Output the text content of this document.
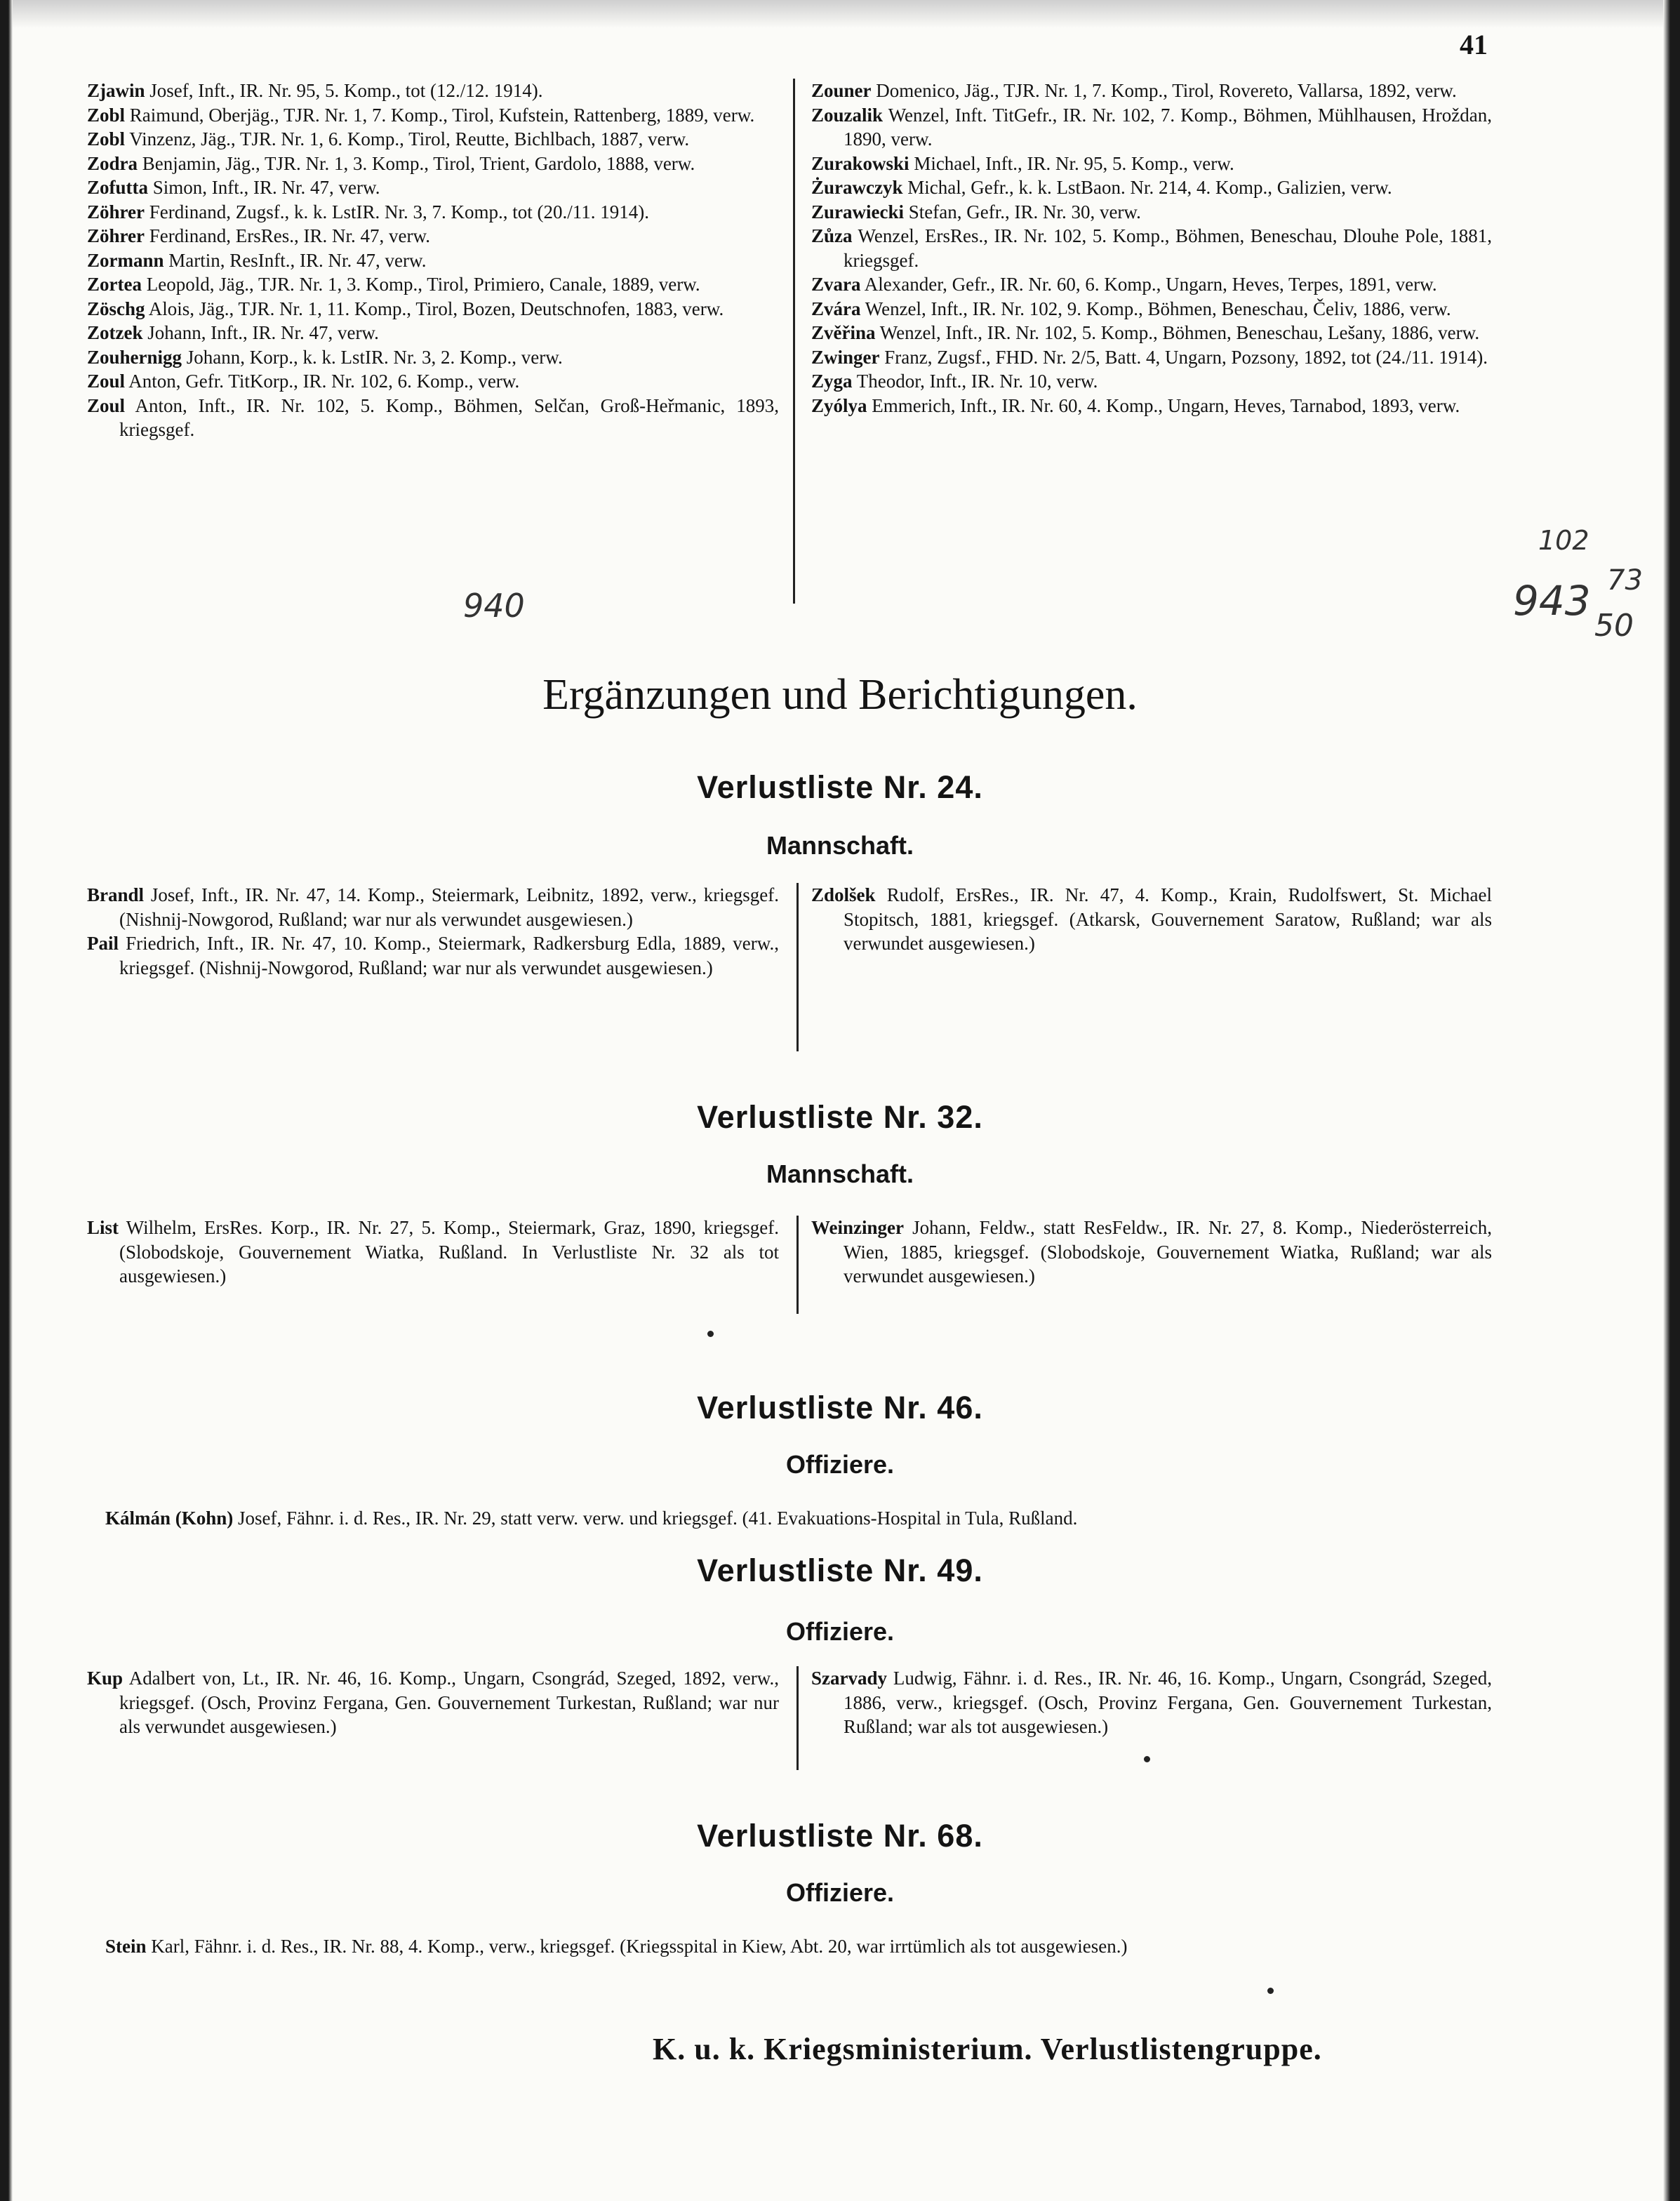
41

Zjawin Josef, Inft., IR. Nr. 95, 5. Komp., tot (12./12. 1914).

Zobl Raimund, Oberjäg., TJR. Nr. 1, 7. Komp., Tirol, Kufstein, Rattenberg, 1889, verw.

Zobl Vinzenz, Jäg., TJR. Nr. 1, 6. Komp., Tirol, Reutte, Bichlbach, 1887, verw.

Zodra Benjamin, Jäg., TJR. Nr. 1, 3. Komp., Tirol, Trient, Gardolo, 1888, verw.

Zofutta Simon, Inft., IR. Nr. 47, verw.

Zöhrer Ferdinand, Zugsf., k. k. LstIR. Nr. 3, 7. Komp., tot (20./11. 1914).

Zöhrer Ferdinand, ErsRes., IR. Nr. 47, verw.

Zormann Martin, ResInft., IR. Nr. 47, verw.

Zortea Leopold, Jäg., TJR. Nr. 1, 3. Komp., Tirol, Primiero, Canale, 1889, verw.

Zöschg Alois, Jäg., TJR. Nr. 1, 11. Komp., Tirol, Bozen, Deutschnofen, 1883, verw.

Zotzek Johann, Inft., IR. Nr. 47, verw.

Zouhernigg Johann, Korp., k. k. LstIR. Nr. 3, 2. Komp., verw.

Zoul Anton, Gefr. TitKorp., IR. Nr. 102, 6. Komp., verw.

Zoul Anton, Inft., IR. Nr. 102, 5. Komp., Böhmen, Selčan, Groß-Heřmanic, 1893, kriegsgef.

Zouner Domenico, Jäg., TJR. Nr. 1, 7. Komp., Tirol, Rovereto, Vallarsa, 1892, verw.

Zouzalik Wenzel, Inft. TitGefr., IR. Nr. 102, 7. Komp., Böhmen, Mühlhausen, Hroždan, 1890, verw.

Zurakowski Michael, Inft., IR. Nr. 95, 5. Komp., verw.

Żurawczyk Michal, Gefr., k. k. LstBaon. Nr. 214, 4. Komp., Galizien, verw.

Zurawiecki Stefan, Gefr., IR. Nr. 30, verw.

Zůza Wenzel, ErsRes., IR. Nr. 102, 5. Komp., Böhmen, Beneschau, Dlouhe Pole, 1881, kriegsgef.

Zvara Alexander, Gefr., IR. Nr. 60, 6. Komp., Ungarn, Heves, Terpes, 1891, verw.

Zvára Wenzel, Inft., IR. Nr. 102, 9. Komp., Böhmen, Beneschau, Čeliv, 1886, verw.

Zvěřina Wenzel, Inft., IR. Nr. 102, 5. Komp., Böhmen, Beneschau, Lešany, 1886, verw.

Zwinger Franz, Zugsf., FHD. Nr. 2/5, Batt. 4, Ungarn, Pozsony, 1892, tot (24./11. 1914).

Zyga Theodor, Inft., IR. Nr. 10, verw.

Zyólya Emmerich, Inft., IR. Nr. 60, 4. Komp., Ungarn, Heves, Tarnabod, 1893, verw.

940
102
943 73
50
Ergänzungen und Berichtigungen.
Verlustliste Nr. 24.
Mannschaft.

Brandl Josef, Inft., IR. Nr. 47, 14. Komp., Steiermark, Leibnitz, 1892, verw., kriegsgef. (Nishnij-Nowgorod, Rußland; war nur als verwundet ausgewiesen.)

Pail Friedrich, Inft., IR. Nr. 47, 10. Komp., Steiermark, Radkersburg Edla, 1889, verw., kriegsgef. (Nishnij-Nowgorod, Rußland; war nur als verwundet ausgewiesen.)

Zdolšek Rudolf, ErsRes., IR. Nr. 47, 4. Komp., Krain, Rudolfswert, St. Michael Stopitsch, 1881, kriegsgef. (Atkarsk, Gouvernement Saratow, Rußland; war als verwundet ausgewiesen.)

Verlustliste Nr. 32.
Mannschaft.

List Wilhelm, ErsRes. Korp., IR. Nr. 27, 5. Komp., Steiermark, Graz, 1890, kriegsgef. (Slobodskoje, Gouvernement Wiatka, Rußland. In Verlustliste Nr. 32 als tot ausgewiesen.)

Weinzinger Johann, Feldw., statt ResFeldw., IR. Nr. 27, 8. Komp., Niederösterreich, Wien, 1885, kriegsgef. (Slobodskoje, Gouvernement Wiatka, Rußland; war als verwundet ausgewiesen.)

Verlustliste Nr. 46.
Offiziere.
Kálmán (Kohn) Josef, Fähnr. i. d. Res., IR. Nr. 29, statt verw. verw. und kriegsgef. (41. Evakuations-Hospital in Tula, Rußland.
Verlustliste Nr. 49.
Offiziere.

Kup Adalbert von, Lt., IR. Nr. 46, 16. Komp., Ungarn, Csongrád, Szeged, 1892, verw., kriegsgef. (Osch, Provinz Fergana, Gen. Gouvernement Turkestan, Rußland; war nur als verwundet ausgewiesen.)

Szarvady Ludwig, Fähnr. i. d. Res., IR. Nr. 46, 16. Komp., Ungarn, Csongrád, Szeged, 1886, verw., kriegsgef. (Osch, Provinz Fergana, Gen. Gouvernement Turkestan, Rußland; war als tot ausgewiesen.)

Verlustliste Nr. 68.
Offiziere.
Stein Karl, Fähnr. i. d. Res., IR. Nr. 88, 4. Komp., verw., kriegsgef. (Kriegsspital in Kiew, Abt. 20, war irrtümlich als tot ausgewiesen.)
K. u. k. Kriegsministerium. Verlustlistengruppe.
